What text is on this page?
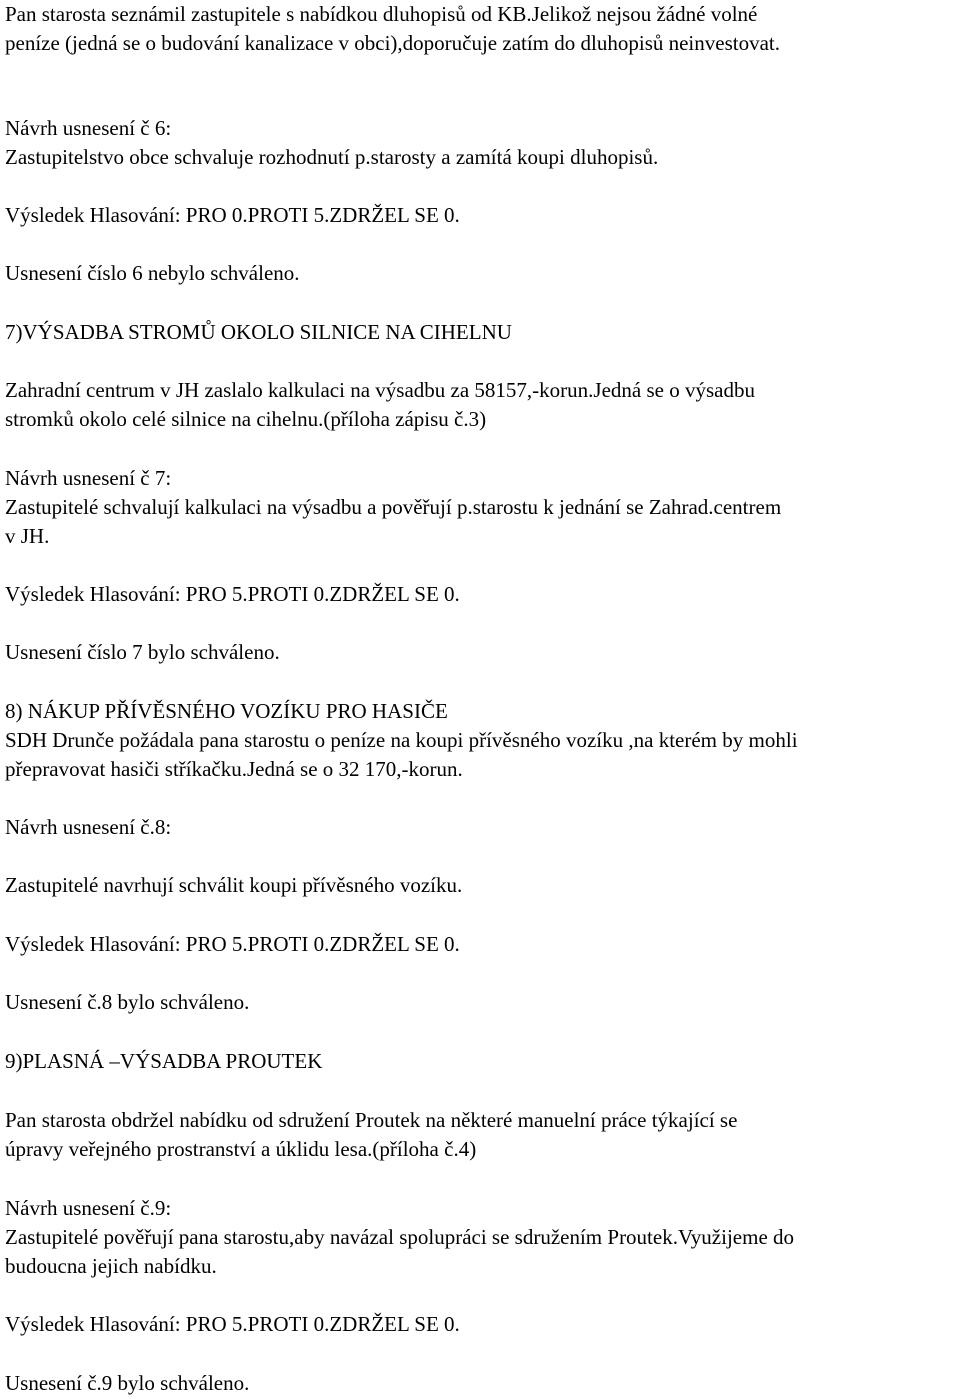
Pan starosta seznámil zastupitele s nabídkou dluhopisů od KB.Jelikož nejsou žádné volné

peníze (jedná se o budování kanalizace v obci),doporučuje zatím do dluhopisů neinvestovat.

Návrh usnesení č 6:

Zastupitelstvo obce schvaluje rozhodnutí p.starosty a zamítá koupi dluhopisů.

Výsledek Hlasování: PRO 0.PROTI 5.ZDRŽEL SE 0.

Usnesení číslo 6 nebylo schváleno.

7)VÝSADBA STROMŮ OKOLO SILNICE NA CIHELNU

Zahradní centrum v JH zaslalo kalkulaci na výsadbu za 58157,-korun.Jedná se o výsadbu

stromků okolo celé silnice na cihelnu.(příloha zápisu č.3)

Návrh usnesení č 7:

Zastupitelé schvalují kalkulaci na výsadbu a pověřují p.starostu k jednání se Zahrad.centrem

v JH.

Výsledek Hlasování: PRO 5.PROTI 0.ZDRŽEL SE 0.

Usnesení číslo 7 bylo schváleno.

8) NÁKUP PŘÍVĚSNÉHO VOZÍKU PRO HASIČE

SDH Drunče požádala pana starostu o peníze na koupi přívěsného vozíku ,na kterém by mohli

přepravovat hasiči stříkačku.Jedná se o 32 170,-korun.

Návrh usnesení č.8:

Zastupitelé navrhují schválit koupi přívěsného vozíku.

Výsledek Hlasování: PRO 5.PROTI 0.ZDRŽEL SE 0.

Usnesení č.8 bylo schváleno.

9)PLASNÁ –VÝSADBA PROUTEK

Pan starosta obdržel nabídku od sdružení Proutek na některé manuelní práce týkající se

úpravy veřejného prostranství a úklidu lesa.(příloha č.4)

Návrh usnesení č.9:

Zastupitelé pověřují pana starostu,aby navázal spolupráci se sdružením Proutek.Využijeme do

budoucna jejich nabídku.

Výsledek Hlasování: PRO 5.PROTI 0.ZDRŽEL SE 0.

Usnesení č.9 bylo schváleno.
